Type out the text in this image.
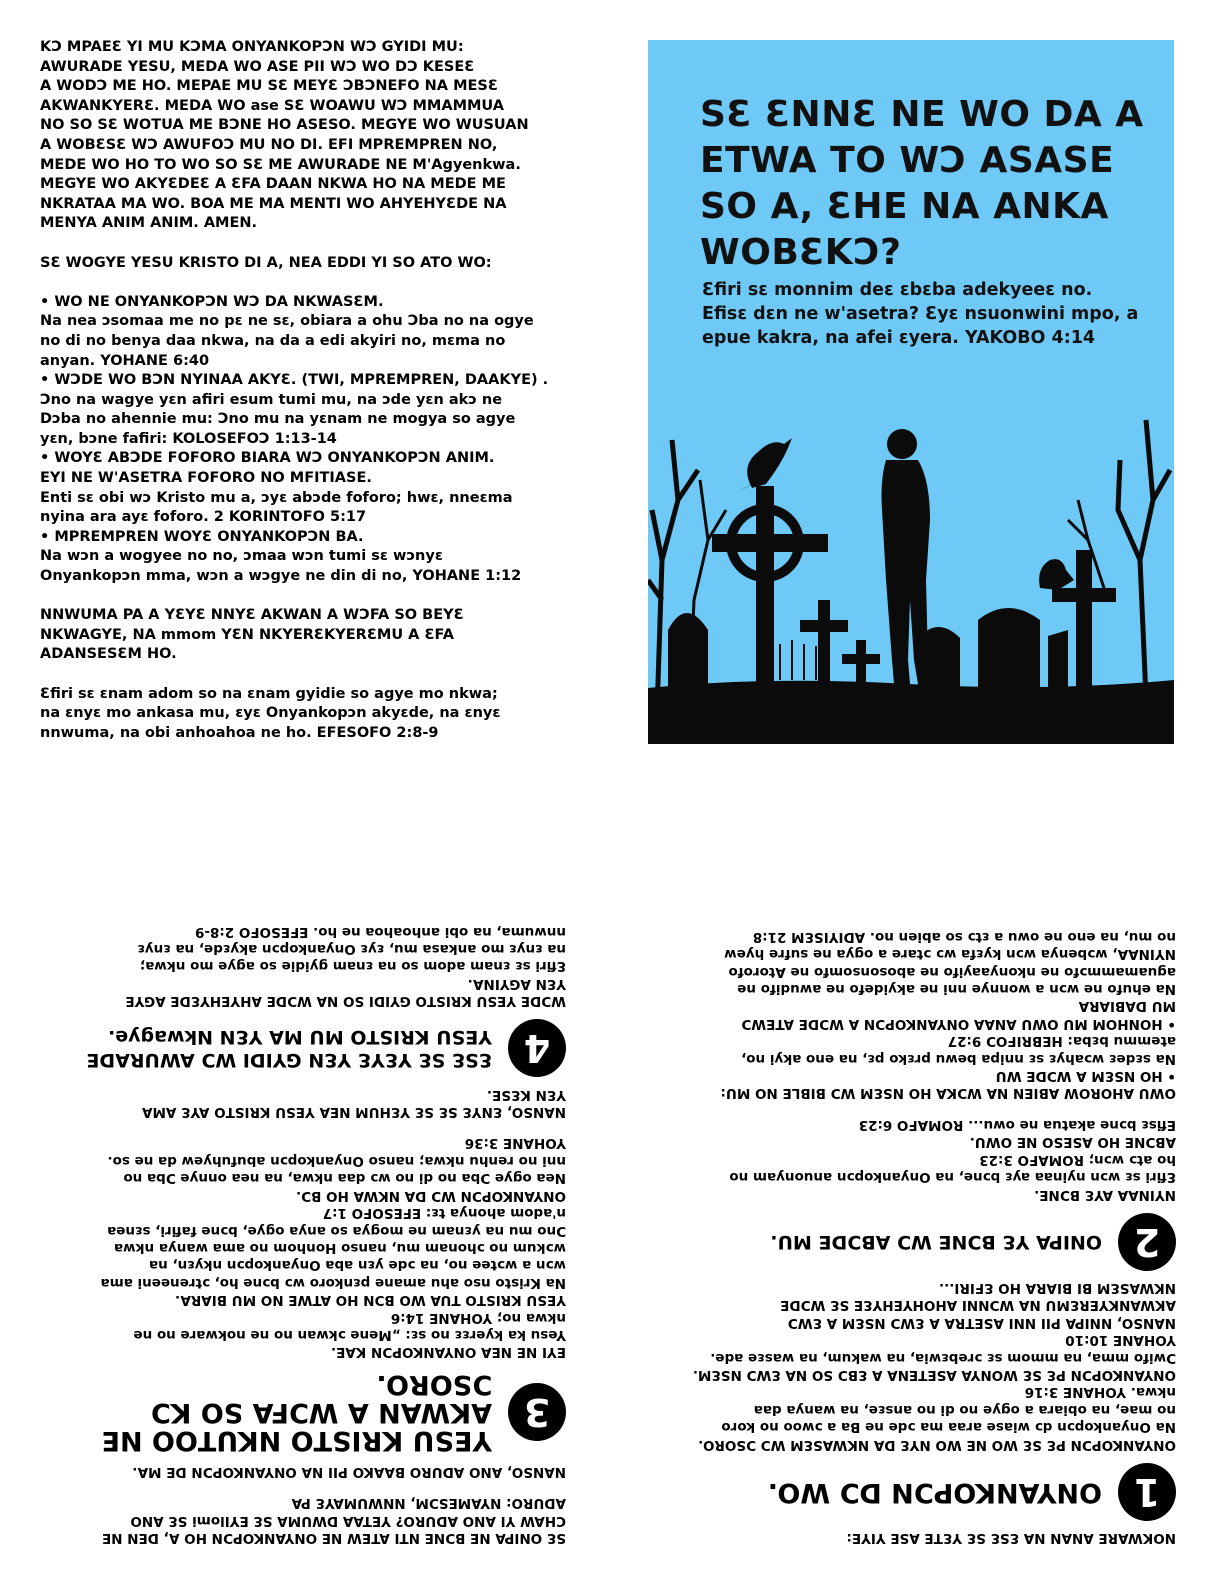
KƆ MPAEƐ YI MU KƆMA ONYANKOPƆN WƆ GYIDI MU:
AWURADE YESU, MEDA WO ASE PII WƆ WO DƆ KESEƐ
A WODƆ ME HO. MEPAE MU SƐ MEYƐ ƆBƆNEFO NA MESƐ
AKWANKYERƐ. MEDA WO ase SƐ WOAWU WƆ MMAMMUA
NO SO SƐ WOTUA ME BƆNE HO ASESO. MEGYE WO WUSUAN
A WOBƐSƐ WƆ AWUFOƆ MU NO DI. EFI MPREMPREN NO,
MEDE WO HO TO WO SO SƐ ME AWURADE NE M'Agyenkwa.
MEGYE WO AKYƐDEƐ A ƐFA DAAN NKWA HO NA MEDE ME
NKRATAA MA WO. BOA ME MA MENTI WO AHYEHYƐDE NA
MENYA ANIM ANIM. AMEN.

SƐ WOGYE YESU KRISTO DI A, NEA EDDI YI SO ATO WO:

• WO NE ONYANKOPƆN WƆ DA NKWASƐM.
Na nea ɔsomaa me no pɛ ne sɛ, obiara a ohu Ɔba no na ogye
no di no benya daa nkwa, na da a edi akyiri no, mɛma no
anyan. YOHANE 6:40
• WƆDE WO BƆN NYINAA AKYƐ. (TWI, MPREMPREN, DAAKYE) .
Ɔno na wagye yɛn afiri esum tumi mu, na ɔde yɛn akɔ ne
Dɔba no ahennie mu: Ɔno mu na yɛnam ne mogya so agye
yɛn, bɔne fafiri: KOLOSEFOƆ 1:13-14
• WOYƐ ABƆDE FOFORO BIARA WƆ ONYANKOPƆN ANIM.
EYI NE W'ASETRA FOFORO NO MFITIASE.
Enti sɛ obi wɔ Kristo mu a, ɔyɛ abɔde foforo; hwɛ, nneɛma
nyina ara ayɛ foforo. 2 KORINTOFO 5:17
• MPREMPREN WOYƐ ONYANKOPƆN BA.
Na wɔn a wogyee no no, ɔmaa wɔn tumi sɛ wɔnyɛ
Onyankopɔn mma, wɔn a wɔgye ne din di no, YOHANE 1:12

NNWUMA PA A YƐYƐ NNYƐ AKWAN A WƆFA SO BEYƐ
NKWAGYE, NA mmom YƐN NKYERƐKYERƐMU A ƐFA
ADANSESƐM HO.

Ɛfiri sɛ ɛnam adom so na ɛnam gyidie so agye mo nkwa;
na ɛnyɛ mo ankasa mu, ɛyɛ Onyankopɔn akyɛde, na ɛnyɛ
nnwuma, na obi anhoahoa ne ho. EFESOFO 2:8-9

SƐ ƐNNƐ NE WO DA A ETWA TO WƆ ASASE SO A, ƐHE NA ANKA WOBƐKƆ?

Ɛfiri sɛ monnim deɛ ɛbɛba adekyeeɛ no. Efisɛ dɛn ne w'asetra? Ɛyɛ nsuonwini mpo, a epue kakra, na afei ɛyera. YAKOBO 4:14

SƐ ONIPA NE BƆNE NTI ATEW NE ONYANKOPƆN HO A, DEN NE
CHAW YI ANO ADURO? YETAA DWUMA SƐ EYIlomi SƐ ANO
ADURO: NYAMESƆM, NNWUMAYƐ PA

NANSO, ANO ADURO BAAKO PII NA ONYANKOPƆN DE MA.

3
YESU KRISTO NKUTOO NE AKWAN A WƆFA SO KƆ ƆSORO.

EYI NE NEA ONYANKOPƆN KAE.
Yesu ka kyerɛɛ no sɛ: „Mene ɔkwan no ne nokware no ne
nkwa no; YOHANE 14:6
YESU KRISTO TUA WO BƆN HO ATWE NO MU BIARA.
Na Kristo nso ahu amane pɛnkoro wɔ bɔne ho, ɔtreneeni ama
wɔn a wɔtee no, na ɔde yɛn aba Onyankopɔn nkyɛn, na
wɔkum no ɔhonam mu, nanso Honhom no ama wanya nkwa
Ɔno mu na yɛnam ne mogya so anya ogye, bɔne fafiri, sɛnea
n'adom ahonya tɛ: EFESOFO 1:7
ONYANKOPƆN WƆ DA NKWA HO BƆ.
Nea ogye Ɔba no di no wɔ daa nkwa, na nea onnye Ɔba no
nni no renhu nkwa; nanso Onyankopɔn abufuhyew da ne so.
YOHANE 3:36

NANSO, ƐNYƐ SƐ SƐ YƐHUM NEA YESU KRISTO AYƐ AMA
YƐN KƐSE.

4
ƐSƐ SƐ YƐYƐ YƐN GYIDI WƆ AWURADE YESU KRISTO MU MA YƐN Nkwagye.

WƆDE YESU KRISTO GYIDI SO NA WƆDE AHYEHYƐDE AGYE
YƐN AGYINA.
Ɛfiri sɛ ɛnam adom so na ɛnam gyidie so agye mo nkwa;
na ɛnyɛ mo ankasa mu, ɛyɛ Onyankopɔn akyɛde, na ɛnyɛ
nnwuma, na obi anhoahoa ne ho. EFESOFO 2:8-9

NOKWARE ANAN NA ƐSƐ SƐ YƐTE ASE YIYE:

1
ONYANKOPƆN DƆ WO.

ONYANKOPƆN PƐ SƐ WO NE WO NYƐ DA NKWASƐM WƆ ƆSORO.
Na Onyankopɔn dɔ wiase araa ma ɔde ne Ba a ɔwoo no koro
no mae, na obiara a ogye no di no ansɛe, na wanya daa
nkwa. YOHANE 3:16
ONYANKOPƆN PƐ SƐ WONYA ASETENA A ƐBƆ SO NA ƐWƆ NSƐM.
Ɔwifo mma, na mmom sɛ ɔrebɛwia, na wakum, na wasɛe ade.
YOHANE 10:10
NANSO, NNIPA PII NNI ASETRA A ƐWƆ NSƐM A ƐWƆ
AKWANKYERƐMU NA WƆNNI AHOHYEHYƐE SƐ WƆDE
NKWASƐM BI BIARA HO ƐFIRI...

2
ONIPA YƐ BƆNE WƆ ABƆDE MU.

NYINAA AYƐ BƆNE.
Ɛfiri sɛ wɔn nyinaa ayɛ bɔne, na Onyankopɔn anuonyam no
ho atɔ wɔn; ROMAFO 3:23
ABƆNE HO ASESO NE OWU.
Efisɛ bɔne akatua ne owu... ROMAFO 6:23

OWU AHOROW ABIEN NA WƆKA HO NSƐM WƆ BIBLE NO MU:
• HO NSƐM A WƆDE WU
Na sɛdeɛ wɔahyɛ sɛ nnipa bewu prɛko pɛ, na eno akyi no,
atemmu bɛba: HEBRIFOƆ 9:27
• HONHOM MU OWU ANAA ONYANKOPƆN A WƆDE ATEWƆ
MU DABIARA
Na ehufo ne wɔn a wonnye nni ne akyidefo ne awudifo ne
aguamammɔfo ne nkonyaayifo ne abosonsomfo ne Atorofo
NYINAA, wɔbenya wɔn kyɛfa wɔ ɔtare a ogya ne sufre hyew
no mu, na eno ne owu a ɛtɔ so abien no. ADIYISƐM 21:8
